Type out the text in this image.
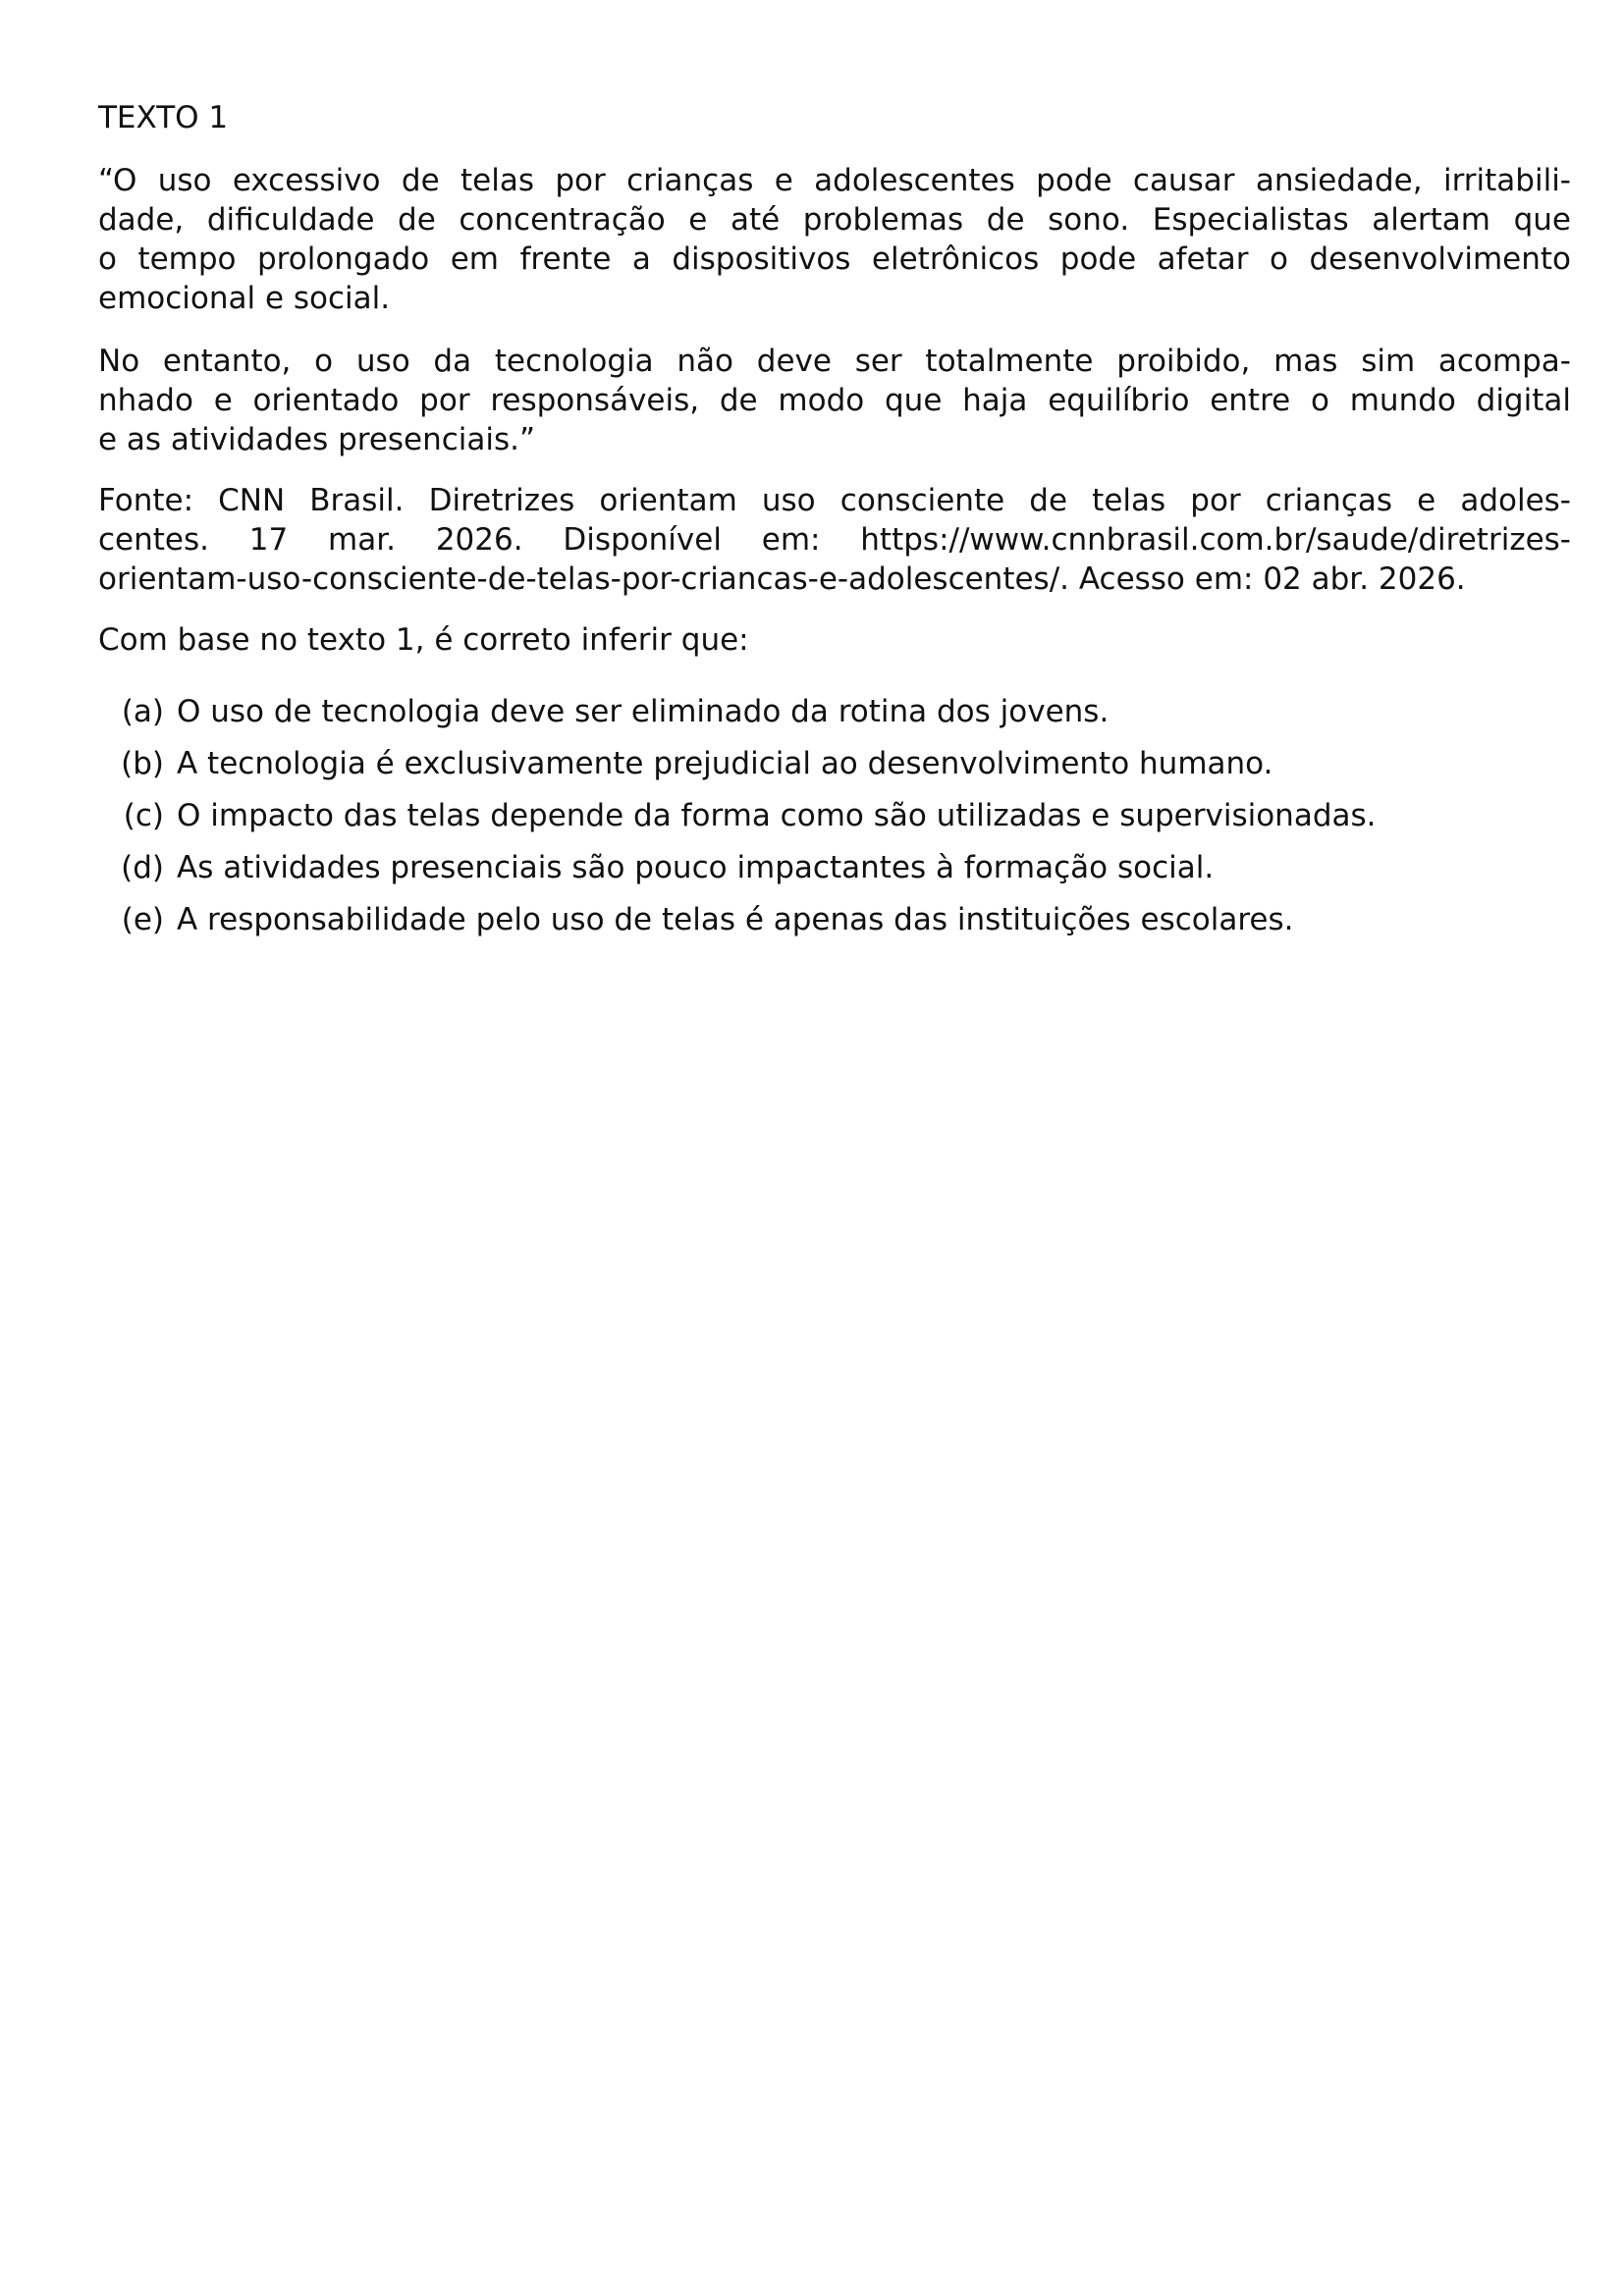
TEXTO 1
“O uso excessivo de telas por crianças e adolescentes pode causar ansiedade, irritabili-
dade, dificuldade de concentração e até problemas de sono. Especialistas alertam que
o tempo prolongado em frente a dispositivos eletrônicos pode afetar o desenvolvimento
emocional e social.
No entanto, o uso da tecnologia não deve ser totalmente proibido, mas sim acompa-
nhado e orientado por responsáveis, de modo que haja equilíbrio entre o mundo digital
e as atividades presenciais.”
Fonte: CNN Brasil. Diretrizes orientam uso consciente de telas por crianças e adoles-
centes. 17 mar. 2026. Disponível em: https://www.cnnbrasil.com.br/saude/diretrizes-
orientam-uso-consciente-de-telas-por-criancas-e-adolescentes/. Acesso em: 02 abr. 2026.
Com base no texto 1, é correto inferir que:
(a) O uso de tecnologia deve ser eliminado da rotina dos jovens.
(b) A tecnologia é exclusivamente prejudicial ao desenvolvimento humano.
(c) O impacto das telas depende da forma como são utilizadas e supervisionadas.
(d) As atividades presenciais são pouco impactantes à formação social.
(e) A responsabilidade pelo uso de telas é apenas das instituições escolares.
